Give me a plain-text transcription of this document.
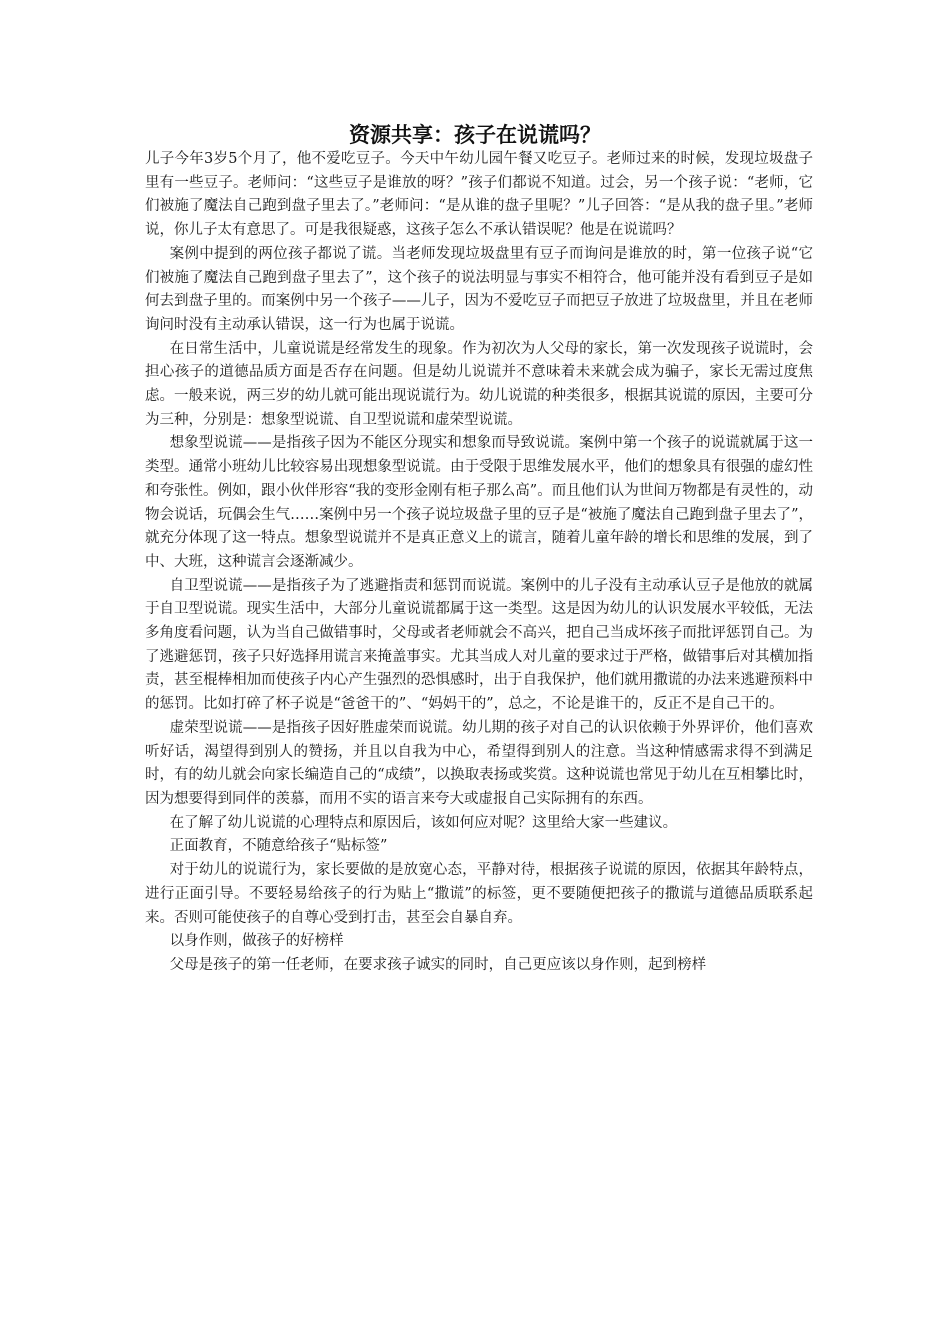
资源共享：孩子在说谎吗？

儿子今年3岁5个月了，他不爱吃豆子。今天中午幼儿园午餐又吃豆子。老师过来的时候，发现垃圾盘子里有一些豆子。老师问：“这些豆子是谁放的呀？”孩子们都说不知道。过会，另一个孩子说：“老师，它们被施了魔法自己跑到盘子里去了。”老师问：“是从谁的盘子里呢？”儿子回答：“是从我的盘子里。”老师说，你儿子太有意思了。可是我很疑惑，这孩子怎么不承认错误呢？他是在说谎吗？

案例中提到的两位孩子都说了谎。当老师发现垃圾盘里有豆子而询问是谁放的时，第一位孩子说“它们被施了魔法自己跑到盘子里去了”，这个孩子的说法明显与事实不相符合，他可能并没有看到豆子是如何去到盘子里的。而案例中另一个孩子——儿子，因为不爱吃豆子而把豆子放进了垃圾盘里，并且在老师询问时没有主动承认错误，这一行为也属于说谎。

在日常生活中，儿童说谎是经常发生的现象。作为初次为人父母的家长，第一次发现孩子说谎时，会担心孩子的道德品质方面是否存在问题。但是幼儿说谎并不意味着未来就会成为骗子，家长无需过度焦虑。一般来说，两三岁的幼儿就可能出现说谎行为。幼儿说谎的种类很多，根据其说谎的原因，主要可分为三种，分别是：想象型说谎、自卫型说谎和虚荣型说谎。

想象型说谎——是指孩子因为不能区分现实和想象而导致说谎。案例中第一个孩子的说谎就属于这一类型。通常小班幼儿比较容易出现想象型说谎。由于受限于思维发展水平，他们的想象具有很强的虚幻性和夸张性。例如，跟小伙伴形容“我的变形金刚有柜子那么高”。而且他们认为世间万物都是有灵性的，动物会说话，玩偶会生气……案例中另一个孩子说垃圾盘子里的豆子是“被施了魔法自己跑到盘子里去了”，就充分体现了这一特点。想象型说谎并不是真正意义上的谎言，随着儿童年龄的增长和思维的发展，到了中、大班，这种谎言会逐渐减少。

自卫型说谎——是指孩子为了逃避指责和惩罚而说谎。案例中的儿子没有主动承认豆子是他放的就属于自卫型说谎。现实生活中，大部分儿童说谎都属于这一类型。这是因为幼儿的认识发展水平较低，无法多角度看问题，认为当自己做错事时，父母或者老师就会不高兴，把自己当成坏孩子而批评惩罚自己。为了逃避惩罚，孩子只好选择用谎言来掩盖事实。尤其当成人对儿童的要求过于严格，做错事后对其横加指责，甚至棍棒相加而使孩子内心产生强烈的恐惧感时，出于自我保护，他们就用撒谎的办法来逃避预料中的惩罚。比如打碎了杯子说是“爸爸干的”、“妈妈干的”，总之，不论是谁干的，反正不是自己干的。

虚荣型说谎——是指孩子因好胜虚荣而说谎。幼儿期的孩子对自己的认识依赖于外界评价，他们喜欢听好话，渴望得到别人的赞扬，并且以自我为中心，希望得到别人的注意。当这种情感需求得不到满足时，有的幼儿就会向家长编造自己的“成绩”，以换取表扬或奖赏。这种说谎也常见于幼儿在互相攀比时，因为想要得到同伴的羡慕，而用不实的语言来夸大或虚报自己实际拥有的东西。

在了解了幼儿说谎的心理特点和原因后，该如何应对呢？这里给大家一些建议。

正面教育，不随意给孩子“贴标签”

对于幼儿的说谎行为，家长要做的是放宽心态，平静对待，根据孩子说谎的原因，依据其年龄特点，进行正面引导。不要轻易给孩子的行为贴上“撒谎”的标签，更不要随便把孩子的撒谎与道德品质联系起来。否则可能使孩子的自尊心受到打击，甚至会自暴自弃。

以身作则，做孩子的好榜样

父母是孩子的第一任老师，在要求孩子诚实的同时，自己更应该以身作则，起到榜样
